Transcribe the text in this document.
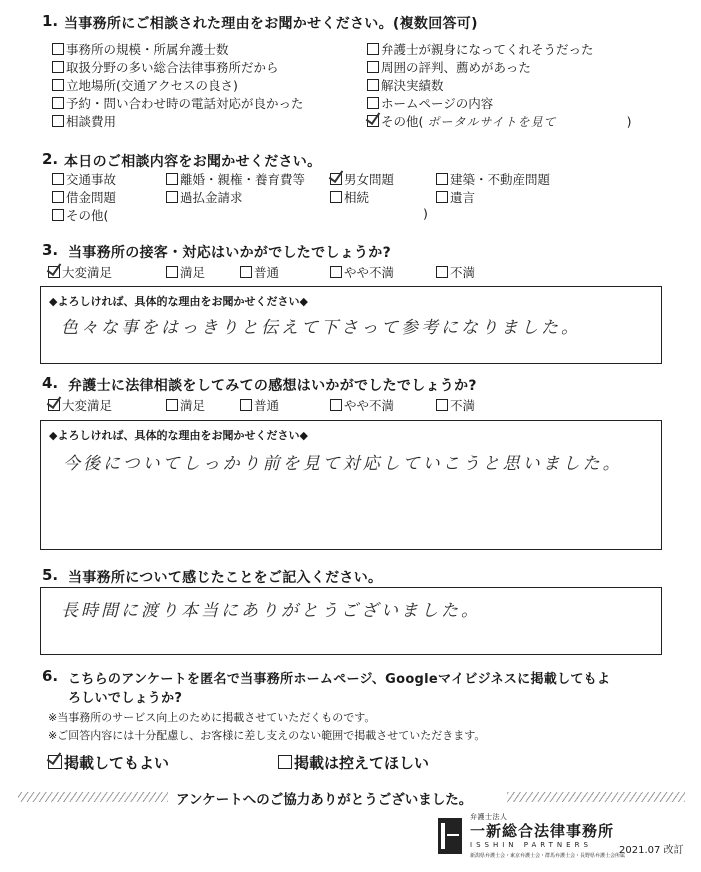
1. 当事務所にご相談された理由をお聞かせください。(複数回答可)
事務所の規模・所属弁護士数
取扱分野の多い総合法律事務所だから
立地場所(交通アクセスの良さ)
予約・問い合わせ時の電話対応が良かった
相談費用
弁護士が親身になってくれそうだった
周囲の評判、薦めがあった
解決実績数
ホームページの内容
その他( ポータルサイトを見て	)
2. 本日のご相談内容をお聞かせください。
交通事故	離婚・親権・養育費等	男女問題	建築・不動産問題
借金問題	過払金請求	相続	遺言
その他(	)
3. 当事務所の接客・対応はいかがでしたでしょうか?
大変満足	満足	普通	やや不満	不満
◆よろしければ、具体的な理由をお聞かせください◆
色々な事をはっきりと伝えて下さって参考になりました。
4. 弁護士に法律相談をしてみての感想はいかがでしたでしょうか?
大変満足	満足	普通	やや不満	不満
◆よろしければ、具体的な理由をお聞かせください◆
今後についてしっかり前を見て対応していこうと思いました。
5. 当事務所について感じたことをご記入ください。
長時間に渡り本当にありがとうございました。
6. こちらのアンケートを匿名で当事務所ホームページ、Googleマイビジネスに掲載してもよ
ろしいでしょうか?
※当事務所のサービス向上のために掲載させていただくものです。
※ご回答内容には十分配慮し、お客様に差し支えのない範囲で掲載させていただきます。
掲載してもよい	掲載は控えてほしい
アンケートへのご協力ありがとうございました。
弁護士法人
一新総合法律事務所
ISSHIN PARTNERS
新潟県弁護士会・東京弁護士会・群馬弁護士会・長野県弁護士会所属
2021.07 改訂
